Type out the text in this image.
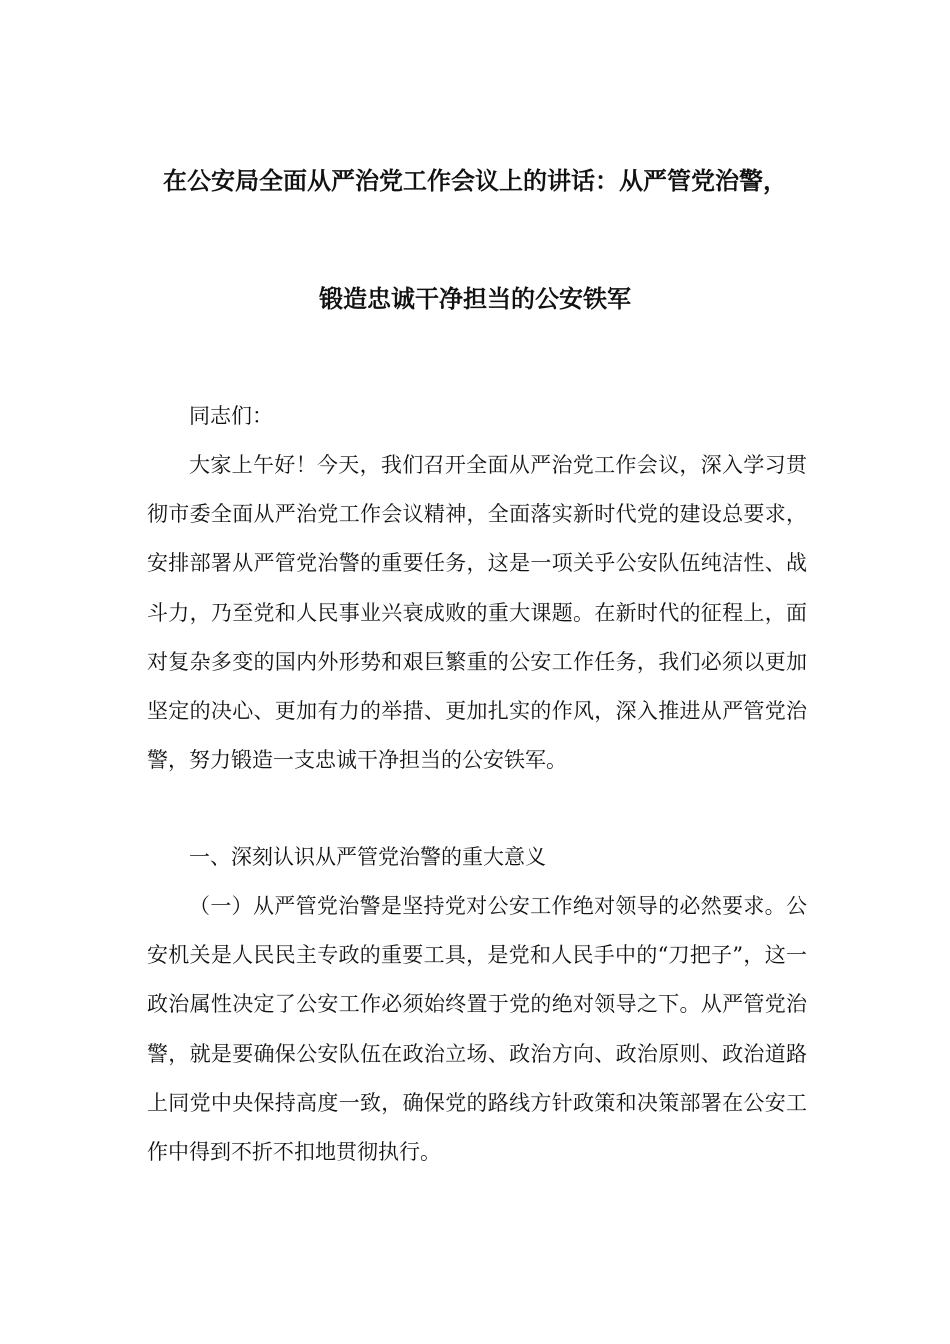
在公安局全面从严治党工作会议上的讲话：从严管党治警，
锻造忠诚干净担当的公安铁军

同志们：

大家上午好！今天，我们召开全面从严治党工作会议，深入学习贯彻市委全面从严治党工作会议精神，全面落实新时代党的建设总要求，安排部署从严管党治警的重要任务，这是一项关乎公安队伍纯洁性、战斗力，乃至党和人民事业兴衰成败的重大课题。在新时代的征程上，面对复杂多变的国内外形势和艰巨繁重的公安工作任务，我们必须以更加坚定的决心、更加有力的举措、更加扎实的作风，深入推进从严管党治警，努力锻造一支忠诚干净担当的公安铁军。

一、深刻认识从严管党治警的重大意义

（一）从严管党治警是坚持党对公安工作绝对领导的必然要求。公安机关是人民民主专政的重要工具，是党和人民手中的“刀把子”，这一政治属性决定了公安工作必须始终置于党的绝对领导之下。从严管党治警，就是要确保公安队伍在政治立场、政治方向、政治原则、政治道路上同党中央保持高度一致，确保党的路线方针政策和决策部署在公安工作中得到不折不扣地贯彻执行。
